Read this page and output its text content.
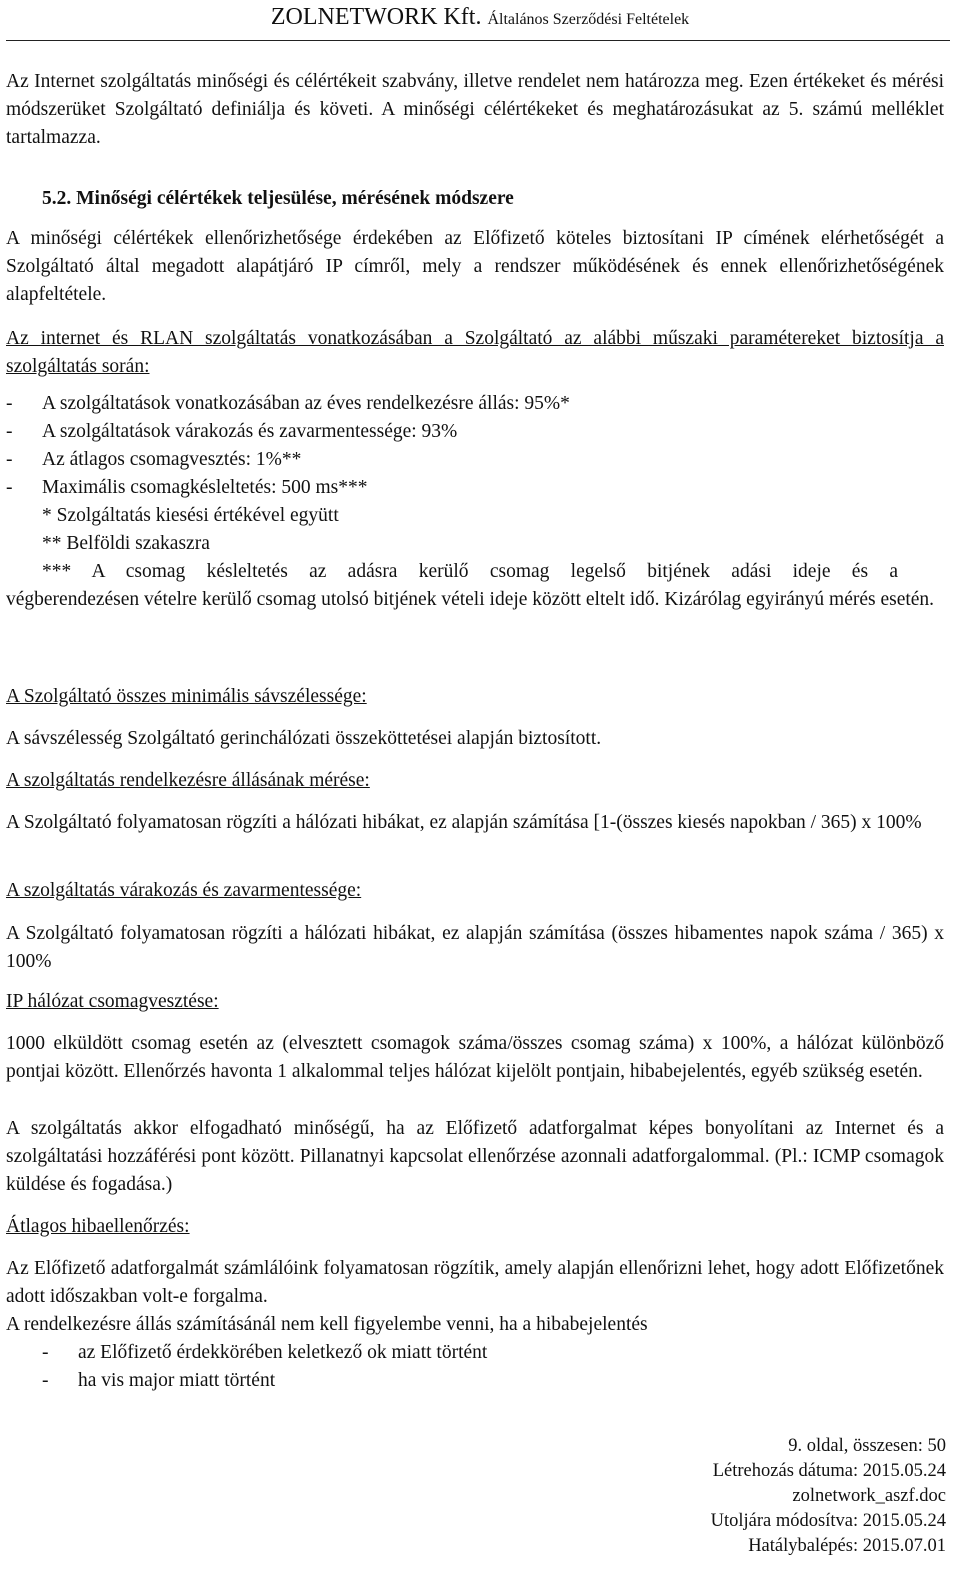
ZOLNETWORK Kft. Általános Szerződési Feltételek
Az Internet szolgáltatás minőségi és célértékeit szabvány, illetve rendelet nem határozza meg. Ezen értékeket és mérési módszerüket Szolgáltató definiálja és követi. A minőségi célértékeket és meghatározásukat az 5. számú melléklet tartalmazza.
5.2. Minőségi célértékek teljesülése, mérésének módszere
A minőségi célértékek ellenőrizhetősége érdekében az Előfizető köteles biztosítani IP címének elérhetőségét a Szolgáltató által megadott alapátjáró IP címről, mely a rendszer működésének és ennek ellenőrizhetőségének alapfeltétele.
Az internet és RLAN szolgáltatás vonatkozásában a Szolgáltató az alábbi műszaki paramétereket biztosítja a szolgáltatás során:
- A szolgáltatások vonatkozásában az éves rendelkezésre állás: 95%*
- A szolgáltatások várakozás és zavarmentessége: 93%
- Az átlagos csomagvesztés: 1%**
- Maximális csomagkésleltetés: 500 ms***
* Szolgáltatás kiesési értékével együtt
** Belföldi szakaszra
*** A csomag késleltetés az adásra kerülő csomag legelső bitjének adási ideje és a
végberendezésen vételre kerülő csomag utolsó bitjének vételi ideje között eltelt idő. Kizárólag egyirányú mérés esetén.
A Szolgáltató összes minimális sávszélessége:
A sávszélesség Szolgáltató gerinchálózati összeköttetései alapján biztosított.
A szolgáltatás rendelkezésre állásának mérése:
A Szolgáltató folyamatosan rögzíti a hálózati hibákat, ez alapján számítása [1-(összes kiesés napokban / 365) x 100%
A szolgáltatás várakozás és zavarmentessége:
A Szolgáltató folyamatosan rögzíti a hálózati hibákat, ez alapján számítása (összes hibamentes napok száma / 365) x 100%
IP hálózat csomagvesztése:
1000 elküldött csomag esetén az (elvesztett csomagok száma/összes csomag száma) x 100%, a hálózat különböző pontjai között. Ellenőrzés havonta 1 alkalommal teljes hálózat kijelölt pontjain, hibabejelentés, egyéb szükség esetén.
A szolgáltatás akkor elfogadható minőségű, ha az Előfizető adatforgalmat képes bonyolítani az Internet és a szolgáltatási hozzáférési pont között. Pillanatnyi kapcsolat ellenőrzése azonnali adatforgalommal. (Pl.: ICMP csomagok küldése és fogadása.)
Átlagos hibaellenőrzés:
Az Előfizető adatforgalmát számlálóink folyamatosan rögzítik, amely alapján ellenőrizni lehet, hogy adott Előfizetőnek adott időszakban volt-e forgalma.
A rendelkezésre állás számításánál nem kell figyelembe venni, ha a hibabejelentés
- az Előfizető érdekkörében keletkező ok miatt történt
- ha vis major miatt történt
9. oldal, összesen: 50
Létrehozás dátuma: 2015.05.24
zolnetwork_aszf.doc
Utoljára módosítva: 2015.05.24
Hatálybalépés: 2015.07.01
